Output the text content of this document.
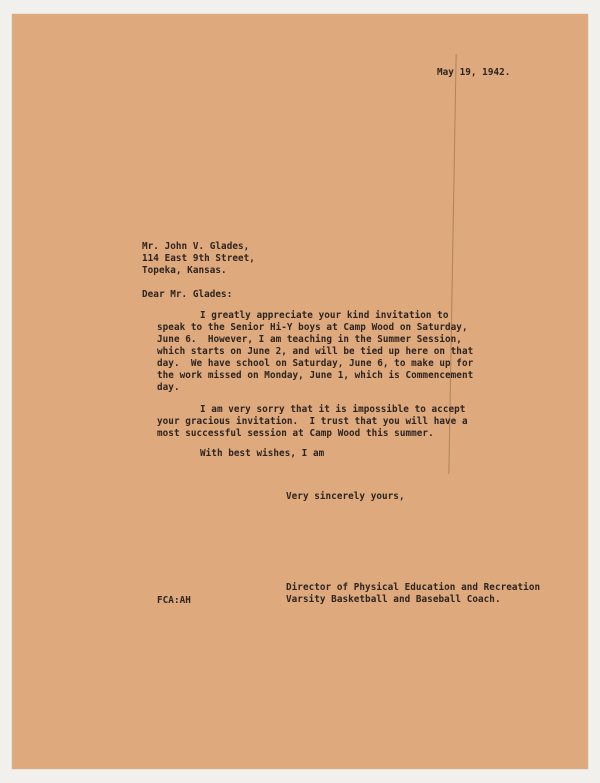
May 19, 1942.
Mr. John V. Glades,
114 East 9th Street,
Topeka, Kansas.
Dear Mr. Glades:
I greatly appreciate your kind invitation to
speak to the Senior Hi-Y boys at Camp Wood on Saturday,
June 6.  However, I am teaching in the Summer Session,
which starts on June 2, and will be tied up here on that
day.  We have school on Saturday, June 6, to make up for
the work missed on Monday, June 1, which is Commencement
day.
I am very sorry that it is impossible to accept
your gracious invitation.  I trust that you will have a
most successful session at Camp Wood this summer.
With best wishes, I am
Very sincerely yours,
FCA:AH
Director of Physical Education and Recreation
Varsity Basketball and Baseball Coach.
